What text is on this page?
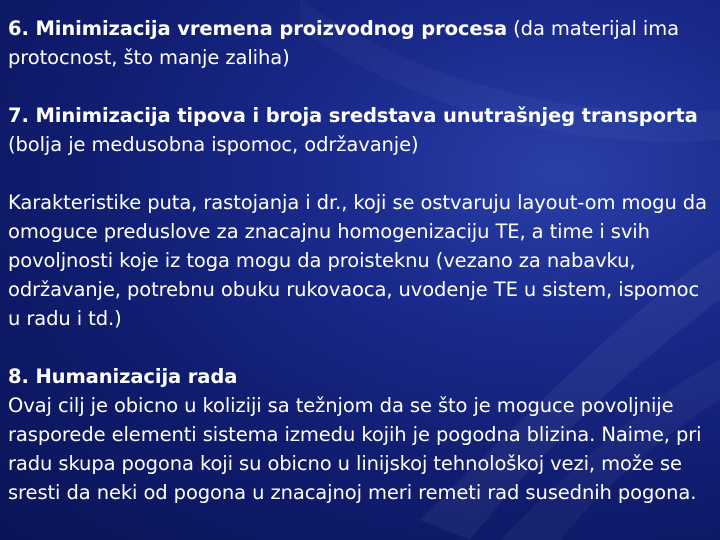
6. Minimizacija vremena proizvodnog procesa (da materijal ima protocnost, što manje zaliha)

7. Minimizacija tipova i broja sredstava unutrašnjeg transporta (bolja je medusobna ispomoc, održavanje)

Karakteristike puta, rastojanja i dr., koji se ostvaruju layout-om mogu da omoguce preduslove za znacajnu homogenizaciju TE, a time i svih povoljnosti koje iz toga mogu da proisteknu (vezano za nabavku, održavanje, potrebnu obuku rukovaoca, uvodenje TE u sistem, ispomoc u radu i td.)

8. Humanizacija rada

Ovaj cilj je obicno u koliziji sa težnjom da se što je moguce povoljnije rasporede elementi sistema izmedu kojih je pogodna blizina. Naime, pri radu skupa pogona koji su obicno u linijskoj tehnološkoj vezi, može se sresti da neki od pogona u znacajnoj meri remeti rad susednih pogona.
